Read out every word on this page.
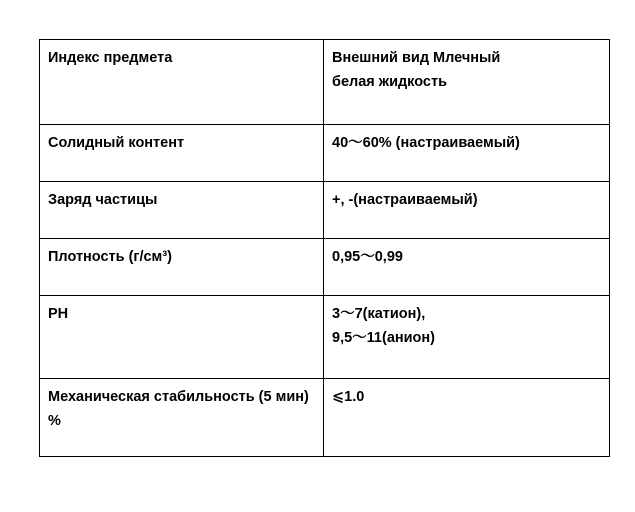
Индекс предмета	Внешний вид Млечный
белая жидкость

Солидный контент	40～60% (настраиваемый)

Заряд частицы	+, -(настраиваемый)

Плотность (г/см³)	0,95～0,99

PH	3～7(катион),
9,5～11(анион)

Механическая стабильность (5 мин) %	⩽1.0
